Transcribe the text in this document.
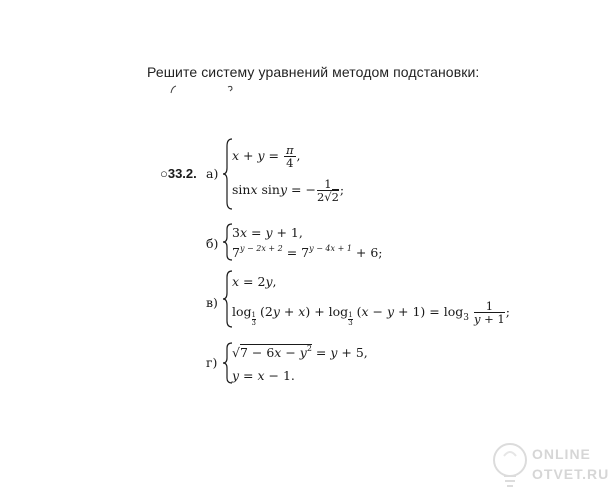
Решите систему уравнений методом подстановки:
○33.2. а)
$x + y = \frac{\pi}{4}$ ,
sinx siny = − $\frac{1}{2√2}$ ;
б)
3x = y + 1,
$7^{y - 2x + 2} = 7^{y - 4x + 1} + 6$;
в)
x = 2y,
log
$\frac{1}{3}$
(2y + x) + log
$\frac{1}{3}$
$(x - y + 1) = \log_3 \frac{1}{y + 1}$ ;
г)
$√7 - 6x - y^2 = y + 5$,
y = x − 1.
ONLINE
OTVET.RU
